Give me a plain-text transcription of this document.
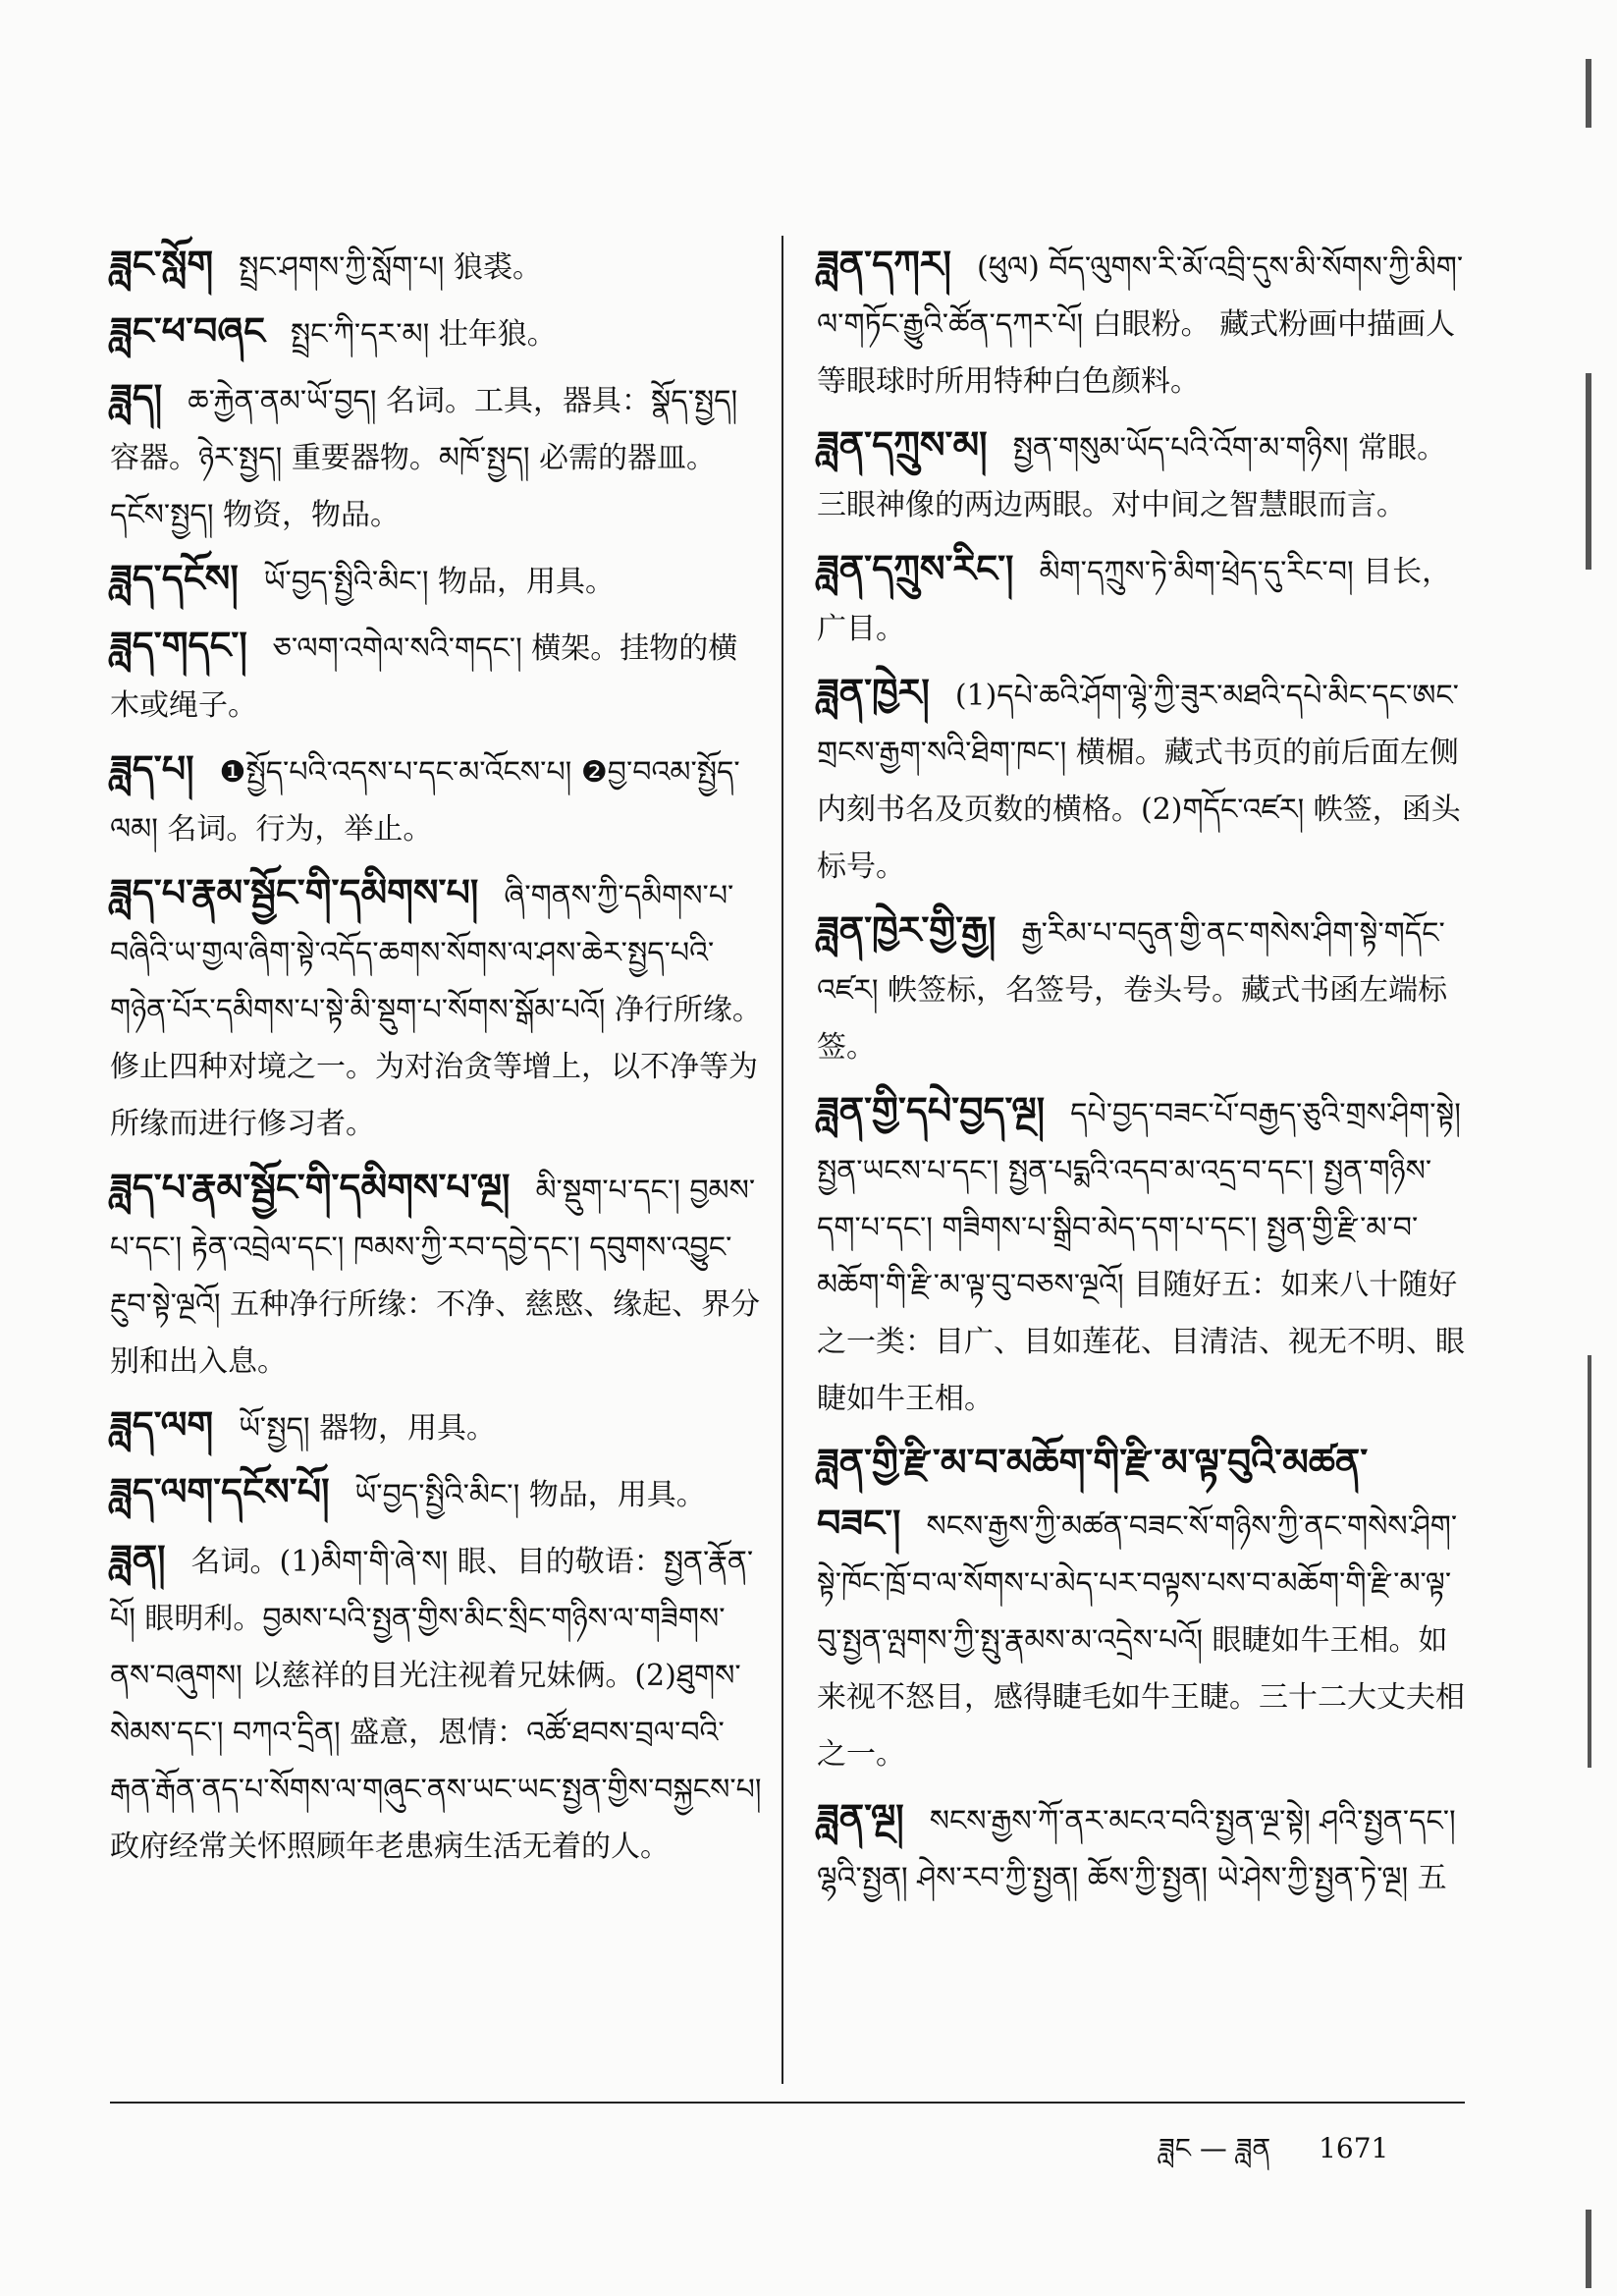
ཟླང་སློག སྤྲང་ཤགས་ཀྱི་སློག་པ། 狼裘。
ཟླང་ཕ་བཞང སྤྲང་ཀི་དར་མ། 壮年狼。
ཟླད། ཆ་རྐྱེན་ནམ་ཡོ་བྱད། 名词。工具，器具：སྣོད་སྤྱད། 容器。ཉེར་སྤྱད། 重要器物。མཁོ་སྤྱད། 必需的器皿。དངོས་སྤྱད། 物资，物品。
ཟླད་དངོས། ཡོ་བྱད་སྤྱིའི་མིང་། 物品，用具。
ཟླད་གདང་། ཅ་ལག་འགེལ་སའི་གདང་། 横架。挂物的横木或绳子。
ཟླད་པ། ❶སྤྱོད་པའི་འདས་པ་དང་མ་འོངས་པ། ❷བྱ་བའམ་སྤྱོད་ལམ། 名词。行为，举止。
ཟླད་པ་རྣམ་སྦྱོང་གི་དམིགས་པ། ཞི་གནས་ཀྱི་དམིགས་པ་བཞིའི་ཡ་གྱལ་ཞིག་སྟེ་འདོད་ཆགས་སོགས་ལ་ཤས་ཆེར་སྤྱད་པའི་གཉེན་པོར་དམིགས་པ་སྟེ་མི་སྡུག་པ་སོགས་སྒོམ་པའོ། 净行所缘。修止四种对境之一。为对治贪等增上，以不净等为所缘而进行修习者。
ཟླད་པ་རྣམ་སྦྱོང་གི་དམིགས་པ་ལྔ། མི་སྡུག་པ་དང་། བྱམས་པ་དང་། རྟེན་འབྲེལ་དང་། ཁམས་ཀྱི་རབ་དབྱེ་དང་། དབུགས་འབྱུང་རྔུབ་སྟེ་ལྔའོ། 五种净行所缘：不净、慈愍、缘起、界分别和出入息。
ཟླད་ལག ཡོ་སྤྱད། 器物，用具。
ཟླད་ལག་དངོས་པོ། ཡོ་བྱད་སྤྱིའི་མིང་། 物品，用具。
ཟླན། 名词。(1)མིག་གི་ཞེ་ས། 眼、目的敬语：སྤྱན་རྣོན་པོ། 眼明利。བྱམས་པའི་སྤྱན་གྱིས་མིང་སྲིང་གཉིས་ལ་གཟིགས་ནས་བཞུགས། 以慈祥的目光注视着兄妹俩。(2)ཐུགས་སེམས་དང་། བཀའ་དྲིན། 盛意，恩情：འཚོ་ཐབས་བྲལ་བའི་རྒན་རྒོན་ནད་པ་སོགས་ལ་གཞུང་ནས་ཡང་ཡང་སྤྱན་གྱིས་བསྐྱངས་པ། 政府经常关怀照顾年老患病生活无着的人。
ཟླན་དཀར། (ཕུལ) བོད་ལུགས་རི་མོ་འབྲི་དུས་མི་སོགས་ཀྱི་མིག་ལ་གཏོང་རྒྱུའི་ཚོན་དཀར་པོ། 白眼粉。 藏式粉画中描画人等眼球时所用特种白色颜料。
ཟླན་དཀྲུས་མ། སྤྱན་གསུམ་ཡོད་པའི་འོག་མ་གཉིས། 常眼。三眼神像的两边两眼。对中间之智慧眼而言。
ཟླན་དཀྲུས་རིང་། མིག་དཀྲུས་ཏེ་མིག་ཕྲེད་དུ་རིང་བ། 目长，广目。
ཟླན་ཁྱེར། (1)དཔེ་ཆའི་ཤོག་ལྷེ་ཀྱི་ཟུར་མཐའི་དཔེ་མིང་དང་ཨང་གྲངས་རྒྱག་སའི་ཐིག་ཁང་། 横楣。藏式书页的前后面左侧内刻书名及页数的横格。(2)གདོང་འཛར། 帙签，函头标号。
ཟླན་ཁྱེར་གྱི་རྒྱ། རྒྱ་རིམ་པ་བདུན་གྱི་ནང་གསེས་ཤིག་སྟེ་གདོང་འཛར། 帙签标，名签号，卷头号。藏式书函左端标签。
ཟླན་གྱི་དཔེ་བྱད་ལྔ། དཔེ་བྱད་བཟང་པོ་བརྒྱད་ཅུའི་གྲས་ཤིག་སྟེ། སྤྱན་ཡངས་པ་དང་། སྤྱན་པདྨའི་འདབ་མ་འདྲ་བ་དང་། སྤྱན་གཉིས་དག་པ་དང་། གཟིགས་པ་སྒྲིབ་མེད་དག་པ་དང་། སྤྱན་གྱི་རྫི་མ་བ་མཆོག་གི་རྫི་མ་ལྟ་བུ་བཅས་ལྔའོ། 目随好五：如来八十随好之一类：目广、目如莲花、目清洁、视无不明、眼睫如牛王相。
ཟླན་གྱི་རྫི་མ་བ་མཆོག་གི་རྫི་མ་ལྟ་བུའི་མཚན་བཟང་། སངས་རྒྱས་ཀྱི་མཚན་བཟང་སོ་གཉིས་ཀྱི་ནང་གསེས་ཤིག་སྟེ་ཁོང་ཁྲོ་བ་ལ་སོགས་པ་མེད་པར་བལྟས་པས་བ་མཆོག་གི་རྫི་མ་ལྟ་བུ་སྤྱན་ལྤགས་ཀྱི་སྤུ་རྣམས་མ་འདྲེས་པའོ། 眼睫如牛王相。如来视不怒目，感得睫毛如牛王睫。三十二大丈夫相之一。
ཟླན་ལྔ། སངས་རྒྱས་ཀོ་ནར་མངའ་བའི་སྤྱན་ལྔ་སྟེ། ཤའི་སྤྱན་དང་། ལྷའི་སྤྱན། ཤེས་རབ་ཀྱི་སྤྱན། ཆོས་ཀྱི་སྤྱན། ཡེ་ཤེས་ཀྱི་སྤྱན་ཏེ་ལྔ། 五
ཟླང — ཟླན 1671
